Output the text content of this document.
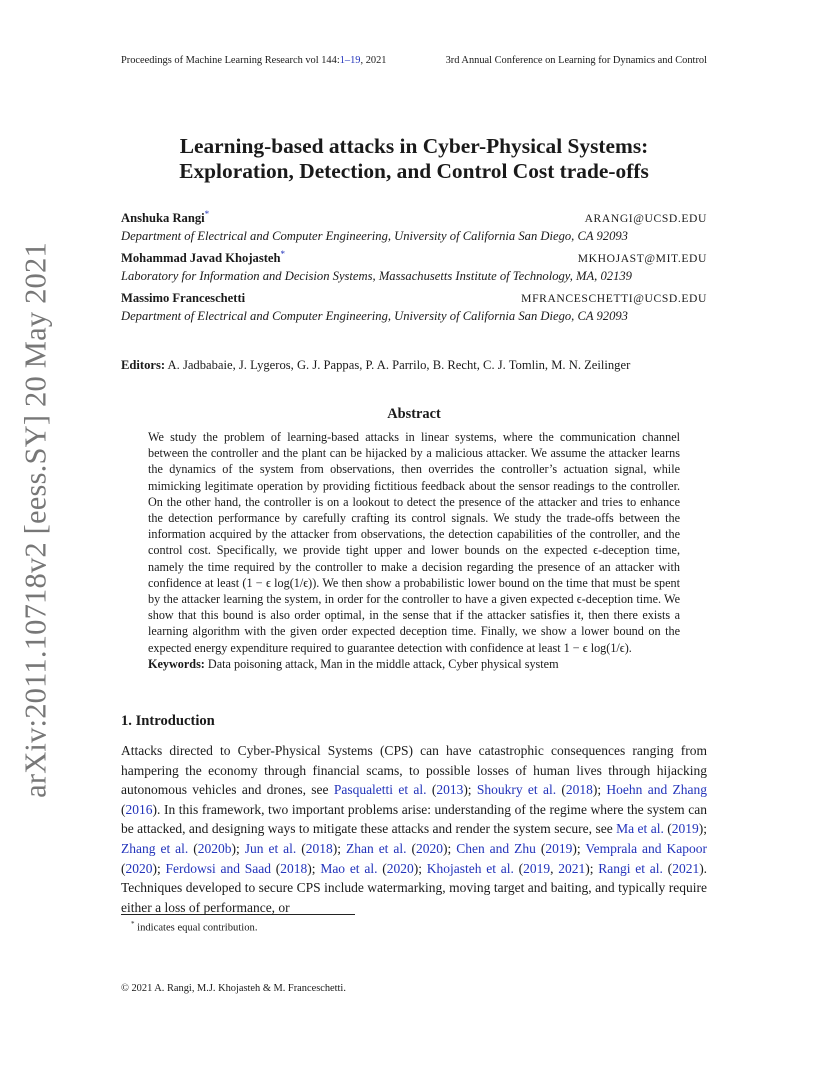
arXiv:2011.10718v2 [eess.SY] 20 May 2021
Proceedings of Machine Learning Research vol 144:1–19, 2021	3rd Annual Conference on Learning for Dynamics and Control
Learning-based attacks in Cyber-Physical Systems:
Exploration, Detection, and Control Cost trade-offs
Anshuka Rangi*	ARANGI@UCSD.EDU
Department of Electrical and Computer Engineering, University of California San Diego, CA 92093
Mohammad Javad Khojasteh*	MKHOJAST@MIT.EDU
Laboratory for Information and Decision Systems, Massachusetts Institute of Technology, MA, 02139
Massimo Franceschetti	MFRANCESCHETTI@UCSD.EDU
Department of Electrical and Computer Engineering, University of California San Diego, CA 92093
Editors: A. Jadbabaie, J. Lygeros, G. J. Pappas, P. A. Parrilo, B. Recht, C. J. Tomlin, M. N. Zeilinger
Abstract

We study the problem of learning-based attacks in linear systems, where the communication channel between the controller and the plant can be hijacked by a malicious attacker. We assume the attacker learns the dynamics of the system from observations, then overrides the controller’s actuation signal, while mimicking legitimate operation by providing fictitious feedback about the sensor readings to the controller. On the other hand, the controller is on a lookout to detect the presence of the attacker and tries to enhance the detection performance by carefully crafting its control signals. We study the trade-offs between the information acquired by the attacker from observations, the detection capabilities of the controller, and the control cost. Specifically, we provide tight upper and lower bounds on the expected ϵ-deception time, namely the time required by the controller to make a decision regarding the presence of an attacker with confidence at least (1 − ϵ log(1/ϵ)). We then show a probabilistic lower bound on the time that must be spent by the attacker learning the system, in order for the controller to have a given expected ϵ-deception time. We show that this bound is also order optimal, in the sense that if the attacker satisfies it, then there exists a learning algorithm with the given order expected deception time. Finally, we show a lower bound on the expected energy expenditure required to guarantee detection with confidence at least 1 − ϵ log(1/ϵ).

Keywords: Data poisoning attack, Man in the middle attack, Cyber physical system

1. Introduction

Attacks directed to Cyber-Physical Systems (CPS) can have catastrophic consequences ranging from hampering the economy through financial scams, to possible losses of human lives through hijacking autonomous vehicles and drones, see Pasqualetti et al. (2013); Shoukry et al. (2018); Hoehn and Zhang (2016). In this framework, two important problems arise: understanding of the regime where the system can be attacked, and designing ways to mitigate these attacks and render the system secure, see Ma et al. (2019); Zhang et al. (2020b); Jun et al. (2018); Zhan et al. (2020); Chen and Zhu (2019); Vemprala and Kapoor (2020); Ferdowsi and Saad (2018); Mao et al. (2020); Khojasteh et al. (2019, 2021); Rangi et al. (2021). Techniques developed to secure CPS include watermarking, moving target and baiting, and typically require either a loss of performance, or

* indicates equal contribution.
© 2021 A. Rangi, M.J. Khojasteh & M. Franceschetti.
